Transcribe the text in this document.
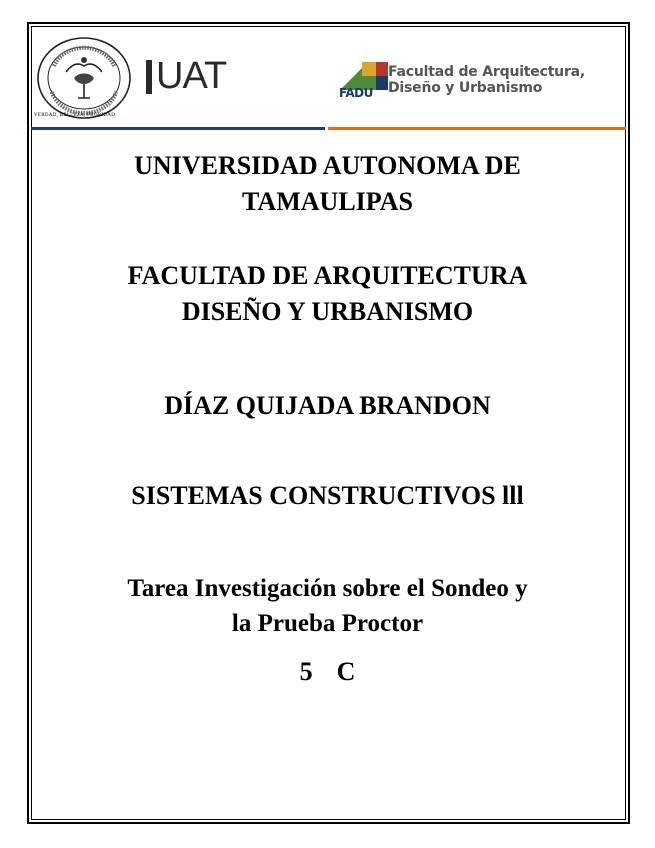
VERDAD, BELLEZA, PROBIDAD
UAT	FADU
Facultad de Arquitectura,
Diseño y Urbanismo
UNIVERSIDAD AUTONOMA DE
TAMAULIPAS
FACULTAD DE ARQUITECTURA
DISEÑO Y URBANISMO
DÍAZ QUIJADA BRANDON
SISTEMAS CONSTRUCTIVOS lll
Tarea Investigación sobre el Sondeo y
la Prueba Proctor
5 C
